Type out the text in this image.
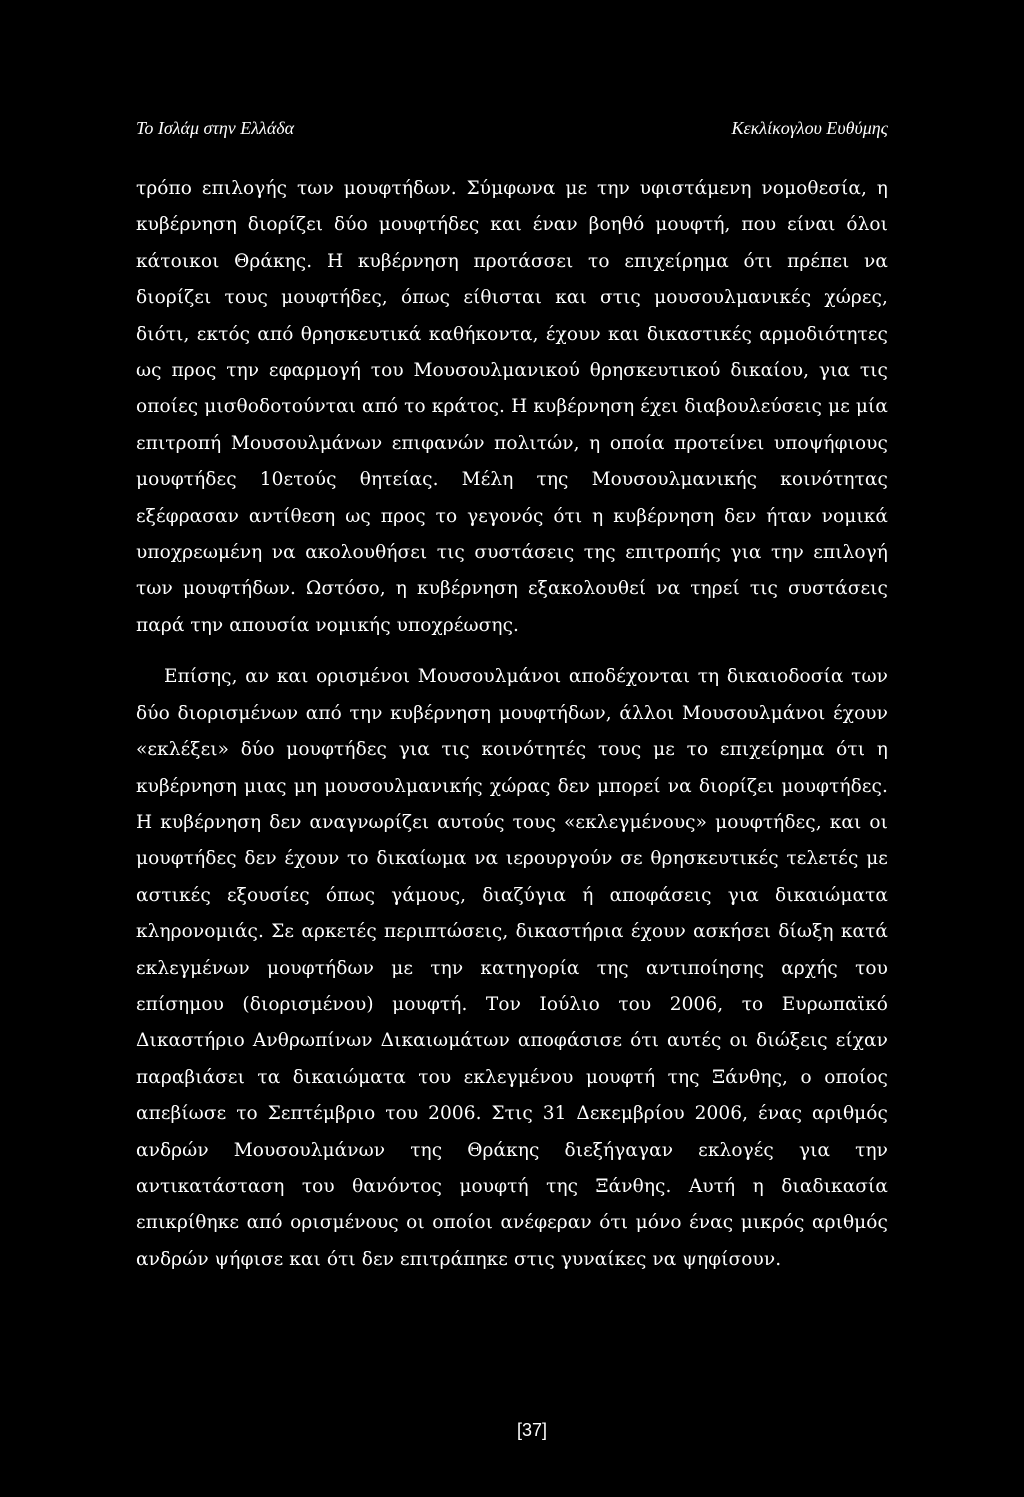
Το Ισλάμ στην Ελλάδα	Κεκλίκογλου Ευθύμης

τρόπο επιλογής των μουφτήδων. Σύμφωνα με την υφιστάμενη νομοθεσία, η κυβέρνηση διορίζει δύο μουφτήδες και έναν βοηθό μουφτή, που είναι όλοι κάτοικοι Θράκης. Η κυβέρνηση προτάσσει το επιχείρημα ότι πρέπει να διορίζει τους μουφτήδες, όπως είθισται και στις μουσουλμανικές χώρες, διότι, εκτός από θρησκευτικά καθήκοντα, έχουν και δικαστικές αρμοδιότητες ως προς την εφαρμογή του Μουσουλμανικού θρησκευτικού δικαίου, για τις οποίες μισθοδοτούνται από το κράτος. Η κυβέρνηση έχει διαβουλεύσεις με μία επιτροπή Μουσουλμάνων επιφανών πολιτών, η οποία προτείνει υποψήφιους μουφτήδες 10ετούς θητείας. Μέλη της Μουσουλμανικής κοινότητας εξέφρασαν αντίθεση ως προς το γεγονός ότι η κυβέρνηση δεν ήταν νομικά υποχρεωμένη να ακολουθήσει τις συστάσεις της επιτροπής για την επιλογή των μουφτήδων. Ωστόσο, η κυβέρνηση εξακολουθεί να τηρεί τις συστάσεις παρά την απουσία νομικής υποχρέωσης.

Επίσης, αν και ορισμένοι Μουσουλμάνοι αποδέχονται τη δικαιοδοσία των δύο διορισμένων από την κυβέρνηση μουφτήδων, άλλοι Μουσουλμάνοι έχουν «εκλέξει» δύο μουφτήδες για τις κοινότητές τους με το επιχείρημα ότι η κυβέρνηση μιας μη μουσουλμανικής χώρας δεν μπορεί να διορίζει μουφτήδες. Η κυβέρνηση δεν αναγνωρίζει αυτούς τους «εκλεγμένους» μουφτήδες, και οι μουφτήδες δεν έχουν το δικαίωμα να ιερουργούν σε θρησκευτικές τελετές με αστικές εξουσίες όπως γάμους, διαζύγια ή αποφάσεις για δικαιώματα κληρονομιάς. Σε αρκετές περιπτώσεις, δικαστήρια έχουν ασκήσει δίωξη κατά εκλεγμένων μουφτήδων με την κατηγορία της αντιποίησης αρχής του επίσημου (διορισμένου) μουφτή. Τον Ιούλιο του 2006, το Ευρωπαϊκό Δικαστήριο Ανθρωπίνων Δικαιωμάτων αποφάσισε ότι αυτές οι διώξεις είχαν παραβιάσει τα δικαιώματα του εκλεγμένου μουφτή της Ξάνθης, ο οποίος απεβίωσε το Σεπτέμβριο του 2006. Στις 31 Δεκεμβρίου 2006, ένας αριθμός ανδρών Μουσουλμάνων της Θράκης διεξήγαγαν εκλογές για την αντικατάσταση του θανόντος μουφτή της Ξάνθης. Αυτή η διαδικασία επικρίθηκε από ορισμένους οι οποίοι ανέφεραν ότι μόνο ένας μικρός αριθμός ανδρών ψήφισε και ότι δεν επιτράπηκε στις γυναίκες να ψηφίσουν.

[37]
